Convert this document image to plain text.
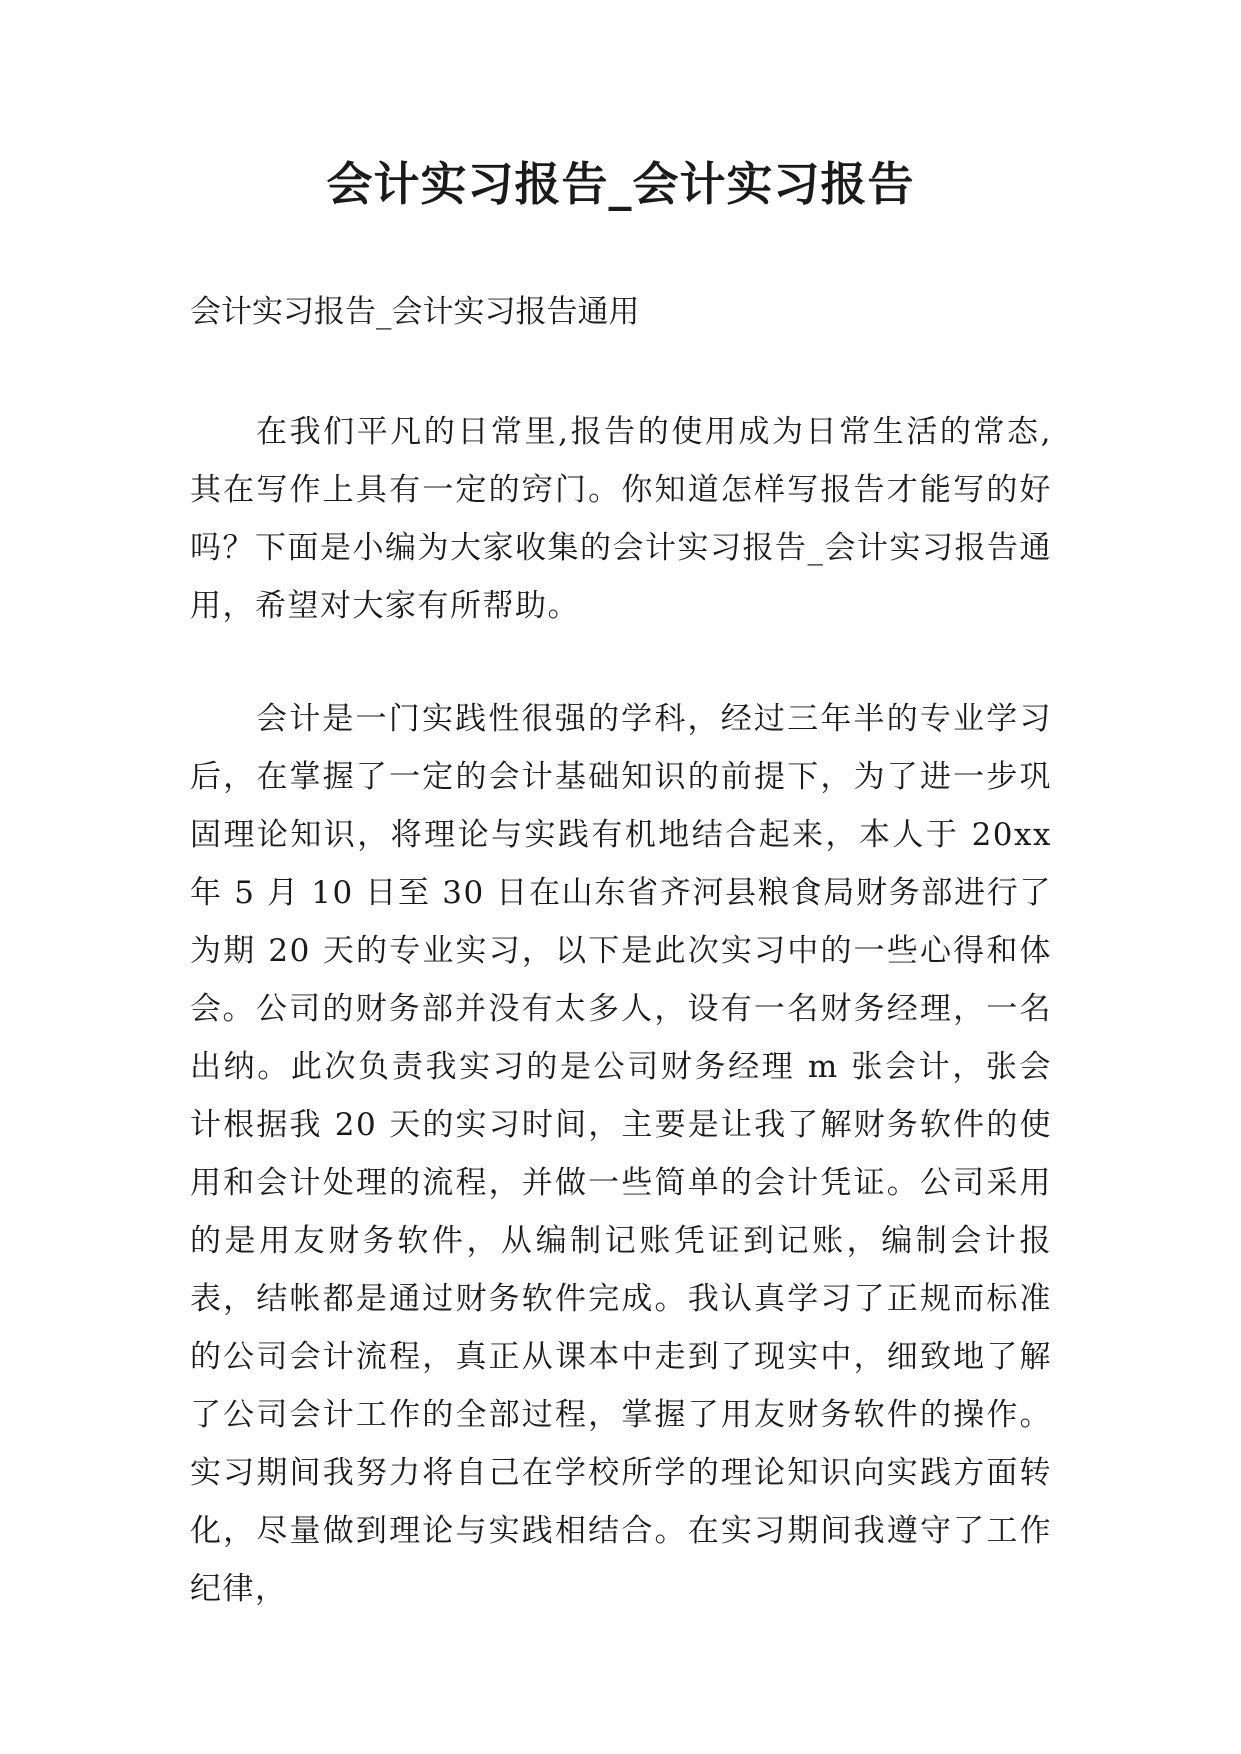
会计实习报告_会计实习报告

会计实习报告_会计实习报告通用

在我们平凡的日常里,报告的使用成为日常生活的常态,其在写作上具有一定的窍门。你知道怎样写报告才能写的好吗？下面是小编为大家收集的会计实习报告_会计实习报告通用，希望对大家有所帮助。

会计是一门实践性很强的学科，经过三年半的专业学习后，在掌握了一定的会计基础知识的前提下，为了进一步巩固理论知识，将理论与实践有机地结合起来，本人于 20xx 年 5 月 10 日至 30 日在山东省齐河县粮食局财务部进行了为期 20 天的专业实习，以下是此次实习中的一些心得和体会。 公司的财务部并没有太多人，设有一名财务经理，一名出纳。此次负责我实习的是公司财务经理 m 张会计，张会计根据我 20 天的实习时间，主要是让我了解财务软件的使用和会计处理的流程，并做一些简单的会计凭证。公司采用的是用友财务软件，从编制记账凭证到记账，编制会计报表，结帐都是通过财务软件完成。我认真学习了正规而标准的公司会计流程，真正从课本中走到了现实中，细致地了解了公司会计工作的全部过程，掌握了用友财务软件的操作。实习期间我努力将自己在学校所学的理论知识向实践方面转化，尽量做到理论与实践相结合。在实习期间我遵守了工作纪律，
